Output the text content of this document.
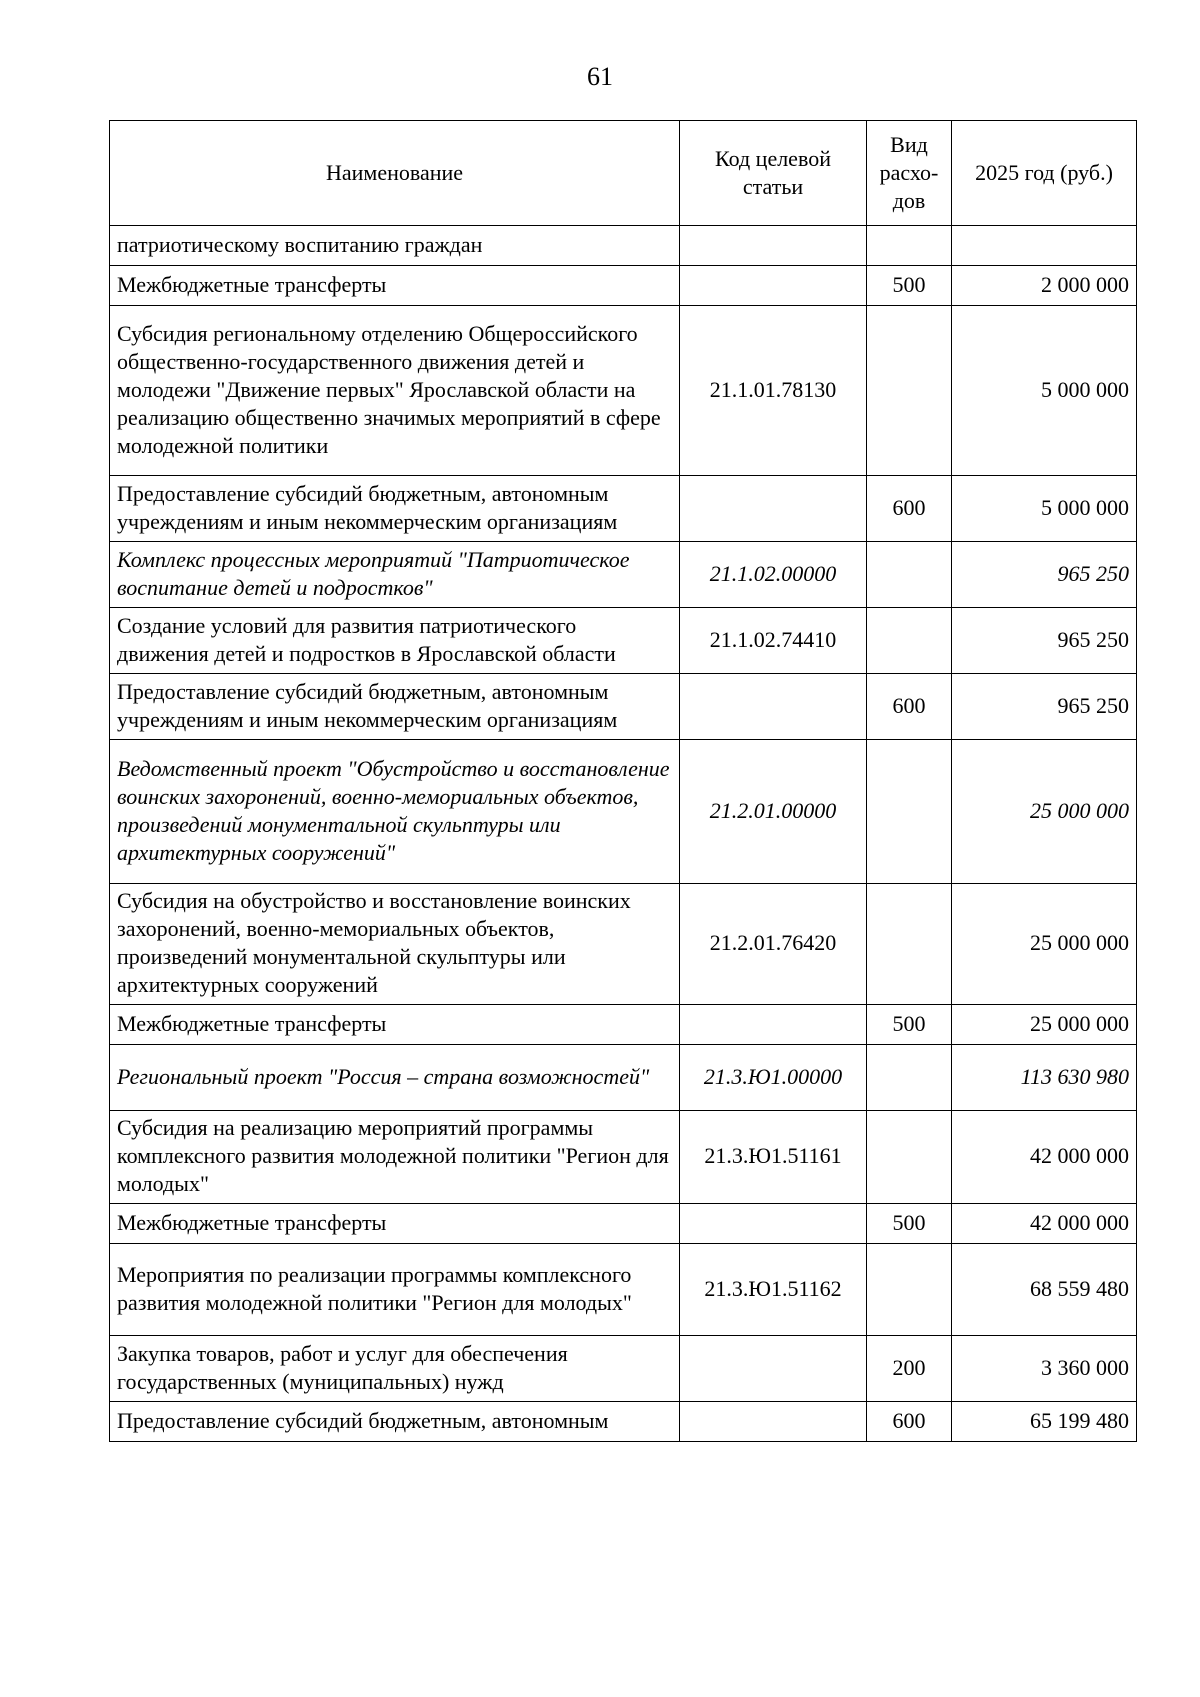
61
Наименование	Код целевой статьи	Вид расхо-дов	2025 год (руб.)
патриотическому воспитанию граждан			
Межбюджетные трансферты		500	2 000 000
Субсидия региональному отделению Общероссийского общественно-государственного движения детей и молодежи "Движение первых" Ярославской области на реализацию общественно значимых мероприятий в сфере молодежной политики	21.1.01.78130		5 000 000
Предоставление субсидий бюджетным, автономным учреждениям и иным некоммерческим организациям		600	5 000 000
Комплекс процессных мероприятий "Патриотическое воспитание детей и подростков"	21.1.02.00000		965 250
Создание условий для развития патриотического движения детей и подростков в Ярославской области	21.1.02.74410		965 250
Предоставление субсидий бюджетным, автономным учреждениям и иным некоммерческим организациям		600	965 250
Ведомственный проект "Обустройство и восстановление воинских захоронений, военно-мемориальных объектов, произведений монументальной скульптуры или архитектурных сооружений"	21.2.01.00000		25 000 000
Субсидия на обустройство и восстановление воинских захоронений, военно-мемориальных объектов, произведений монументальной скульптуры или архитектурных сооружений	21.2.01.76420		25 000 000
Межбюджетные трансферты		500	25 000 000
Региональный проект "Россия – страна возможностей"	21.3.Ю1.00000		113 630 980
Субсидия на реализацию мероприятий программы комплексного развития молодежной политики "Регион для молодых"	21.3.Ю1.51161		42 000 000
Межбюджетные трансферты		500	42 000 000
Мероприятия по реализации программы комплексного развития молодежной политики "Регион для молодых"	21.3.Ю1.51162		68 559 480
Закупка товаров, работ и услуг для обеспечения государственных (муниципальных) нужд		200	3 360 000
Предоставление субсидий бюджетным, автономным		600	65 199 480
